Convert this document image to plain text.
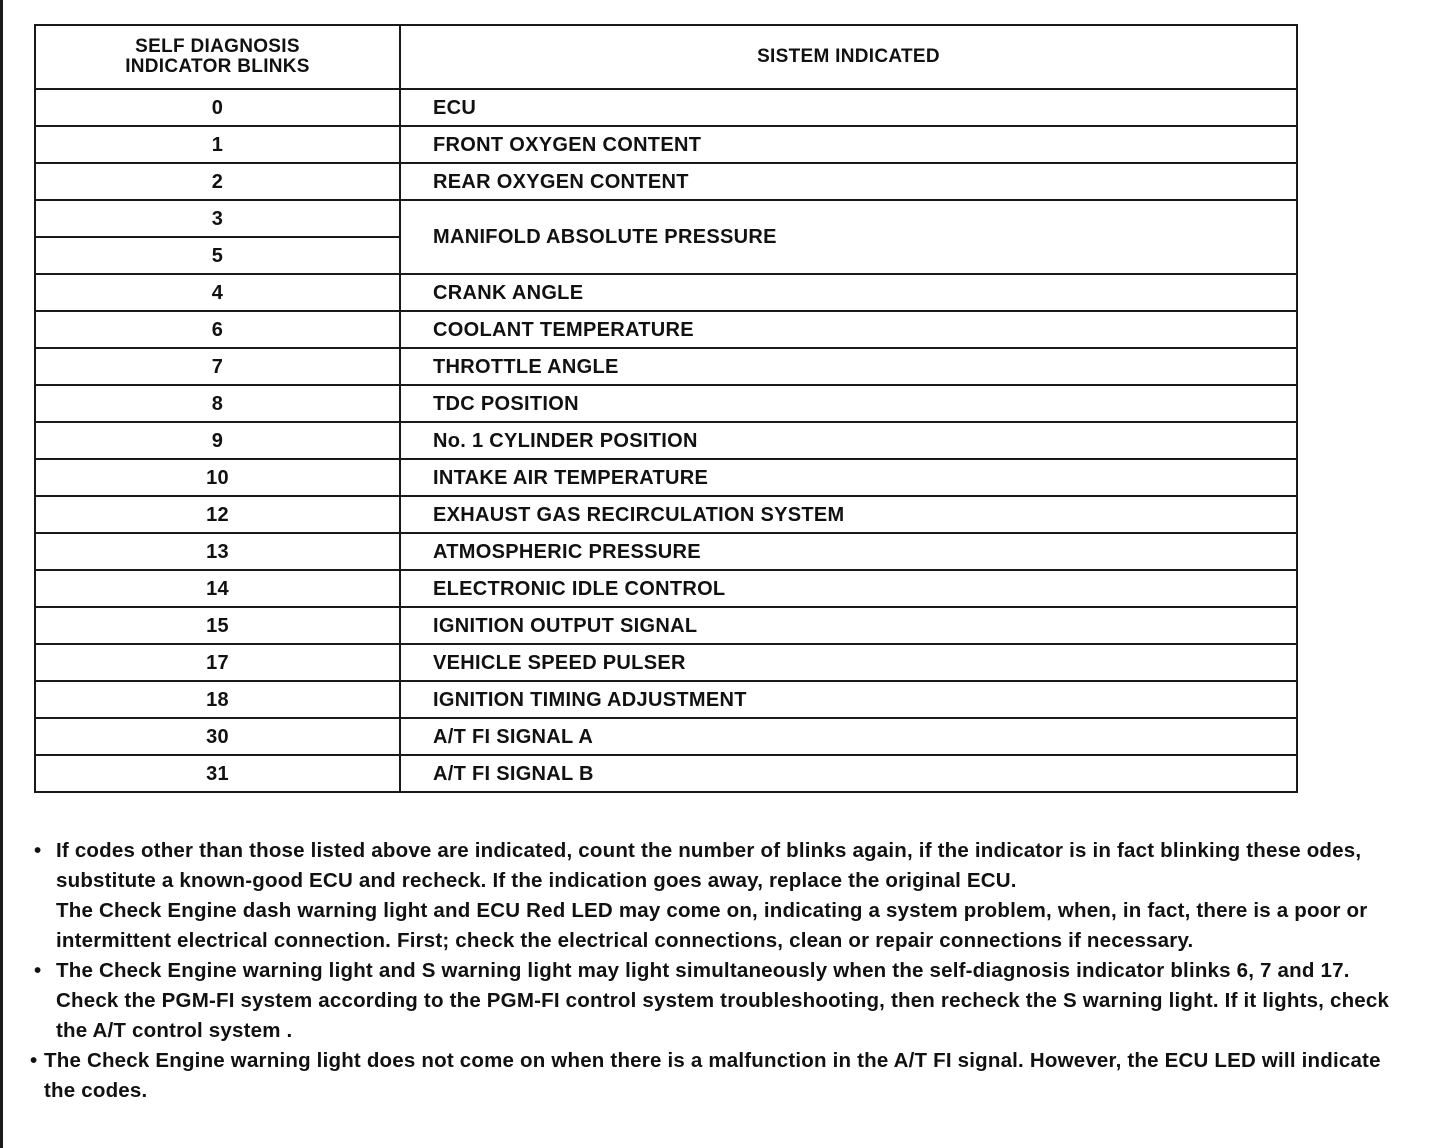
SELF DIAGNOSIS
INDICATOR BLINKS	SISTEM INDICATED
0	ECU
1	FRONT OXYGEN CONTENT
2	REAR OXYGEN CONTENT
3	MANIFOLD ABSOLUTE PRESSURE
5	
4	CRANK ANGLE
6	COOLANT TEMPERATURE
7	THROTTLE ANGLE
8	TDC POSITION
9	No. 1 CYLINDER POSITION
10	INTAKE AIR TEMPERATURE
12	EXHAUST GAS RECIRCULATION SYSTEM
13	ATMOSPHERIC PRESSURE
14	ELECTRONIC IDLE CONTROL
15	IGNITION OUTPUT SIGNAL
17	VEHICLE SPEED PULSER
18	IGNITION TIMING ADJUSTMENT
30	A/T FI SIGNAL A
31	A/T FI SIGNAL B
• If codes other than those listed above are indicated, count the number of blinks again, if the indicator is in fact blinking these odes, substitute a known-good ECU and recheck. If the indication goes away, replace the original ECU.

The Check Engine dash warning light and ECU Red LED may come on, indicating a system problem, when, in fact, there is a poor or intermittent electrical connection. First; check the electrical connections, clean or repair connections if necessary.

• The Check Engine warning light and S warning light may light simultaneously when the self-diagnosis indicator blinks 6, 7 and 17. Check the PGM-FI system according to the PGM-FI control system troubleshooting, then recheck the S warning light. If it lights, check the A/T control system .

• The Check Engine warning light does not come on when there is a malfunction in the A/T FI signal. However, the ECU LED will indicate the codes.
